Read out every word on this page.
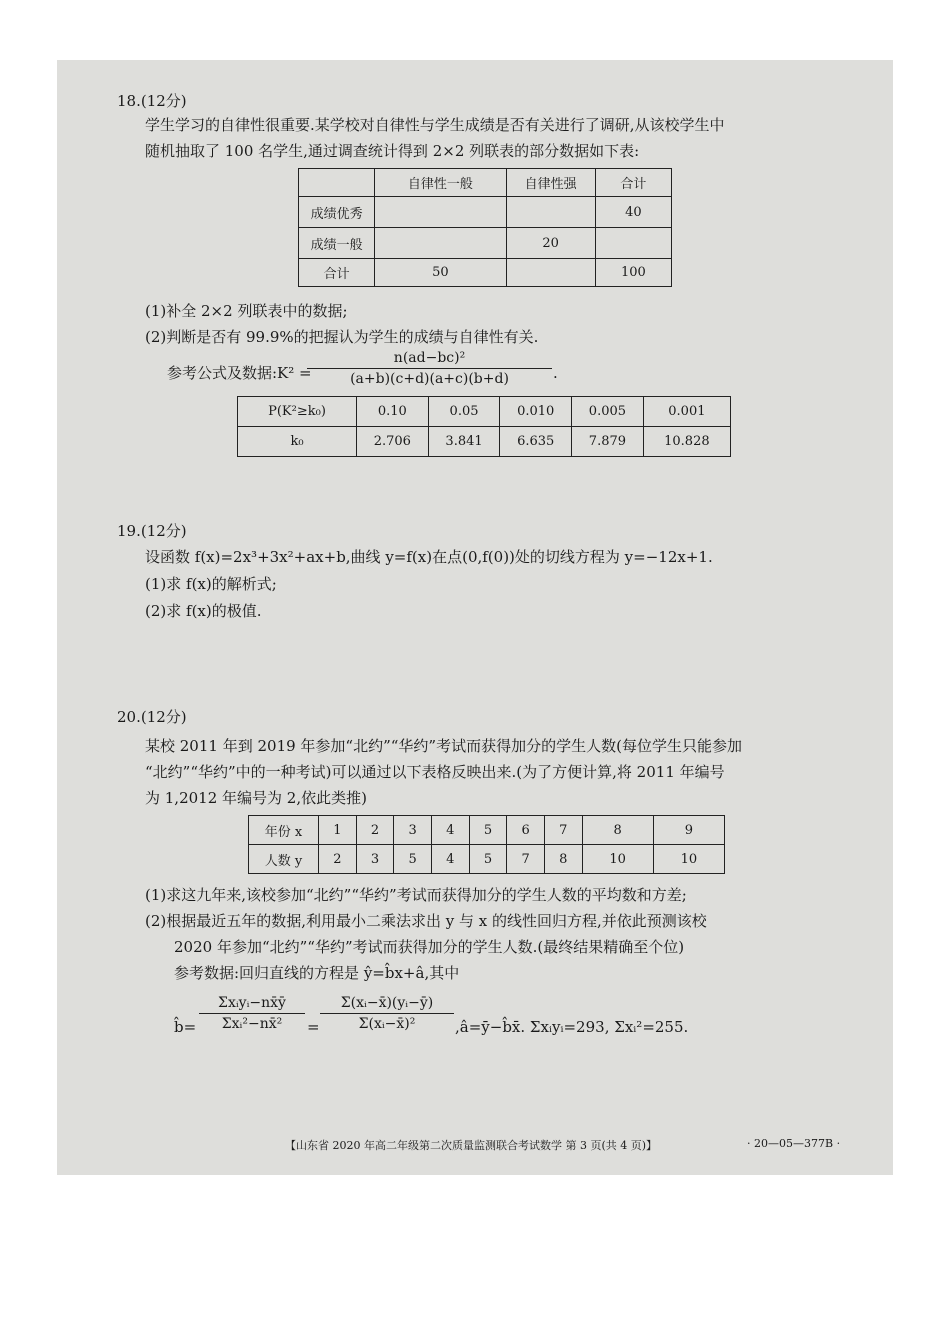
18.(12分)
学生学习的自律性很重要.某学校对自律性与学生成绩是否有关进行了调研,从该校学生中
随机抽取了 100 名学生,通过调查统计得到 2×2 列联表的部分数据如下表:
	自律性一般	自律性强	合计
成绩优秀			40
成绩一般		20	
合计	50		100
(1)补全 2×2 列联表中的数据;
(2)判断是否有 99.9%的把握认为学生的成绩与自律性有关.
参考公式及数据:K² =
n(ad−bc)²
(a+b)(c+d)(a+c)(b+d)	.
P(K²≥k₀)	0.10	0.05	0.010	0.005	0.001
k₀	2.706	3.841	6.635	7.879	10.828
19.(12分)
设函数 f(x)=2x³+3x²+ax+b,曲线 y=f(x)在点(0,f(0))处的切线方程为 y=−12x+1.
(1)求 f(x)的解析式;
(2)求 f(x)的极值.
20.(12分)
某校 2011 年到 2019 年参加“北约”“华约”考试而获得加分的学生人数(每位学生只能参加
“北约”“华约”中的一种考试)可以通过以下表格反映出来.(为了方便计算,将 2011 年编号
为 1,2012 年编号为 2,依此类推)
年份 x	1	2	3	4	5	6	7	8	9
人数 y	2	3	5	4	5	7	8	10	10
(1)求这九年来,该校参加“北约”“华约”考试而获得加分的学生人数的平均数和方差;
(2)根据最近五年的数据,利用最小二乘法求出 y 与 x 的线性回归方程,并依此预测该校
2020 年参加“北约”“华约”考试而获得加分的学生人数.(最终结果精确至个位)
参考数据:回归直线的方程是 ŷ=b̂x+â,其中
b̂=
Σxᵢyᵢ−nx̄ȳ
Σxᵢ²−nx̄²	=
Σ(xᵢ−x̄)(yᵢ−ȳ)
Σ(xᵢ−x̄)²	,â=ȳ−b̂x̄. Σxᵢyᵢ=293, Σxᵢ²=255.
【山东省 2020 年高二年级第二次质量监测联合考试数学 第 3 页(共 4 页)】	· 20—05—377B ·
